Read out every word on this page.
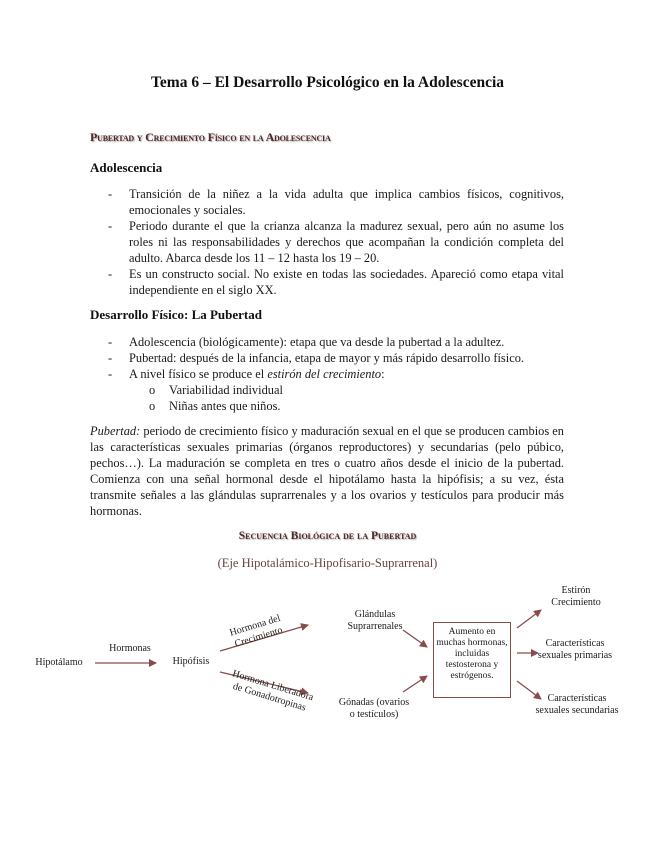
Tema 6 – El Desarrollo Psicológico en la Adolescencia
Pubertad y Crecimiento Físico en la Adolescencia
Adolescencia
- Transición de la niñez a la vida adulta que implica cambios físicos, cognitivos, emocionales y sociales.
- Periodo durante el que la crianza alcanza la madurez sexual, pero aún no asume los roles ni las responsabilidades y derechos que acompañan la condición completa del adulto. Abarca desde los 11 – 12 hasta los 19 – 20.
- Es un constructo social. No existe en todas las sociedades. Apareció como etapa vital independiente en el siglo XX.
Desarrollo Físico: La Pubertad
- Adolescencia (biológicamente): etapa que va desde la pubertad a la adultez.
- Pubertad: después de la infancia, etapa de mayor y más rápido desarrollo físico.
- A nivel físico se produce el estirón del crecimiento:
o Variabilidad individual
o Niñas antes que niños.

Pubertad: periodo de crecimiento físico y maduración sexual en el que se producen cambios en las características sexuales primarias (órganos reproductores) y secundarias (pelo púbico, pechos…). La maduración se completa en tres o cuatro años desde el inicio de la pubertad. Comienza con una señal hormonal desde el hipotálamo hasta la hipófisis; a su vez, ésta transmite señales a las glándulas suprarrenales y a los ovarios y testículos para producir más hormonas.

Secuencia Biológica de la Pubertad
(Eje Hipotalámico-Hipofisario-Suprarrenal)
Hipotálamo
Hormonas
Hipófisis
Hormona del Crecimiento
Hormona Liberadora de Gonadotropinas
Glándulas Suprarrenales
Gónadas (ovarios o testículos)
Aumento en muchas hormonas, incluidas testosterona y estrógenos.
Estirón Crecimiento
Características sexuales primarias
Características sexuales secundarias
